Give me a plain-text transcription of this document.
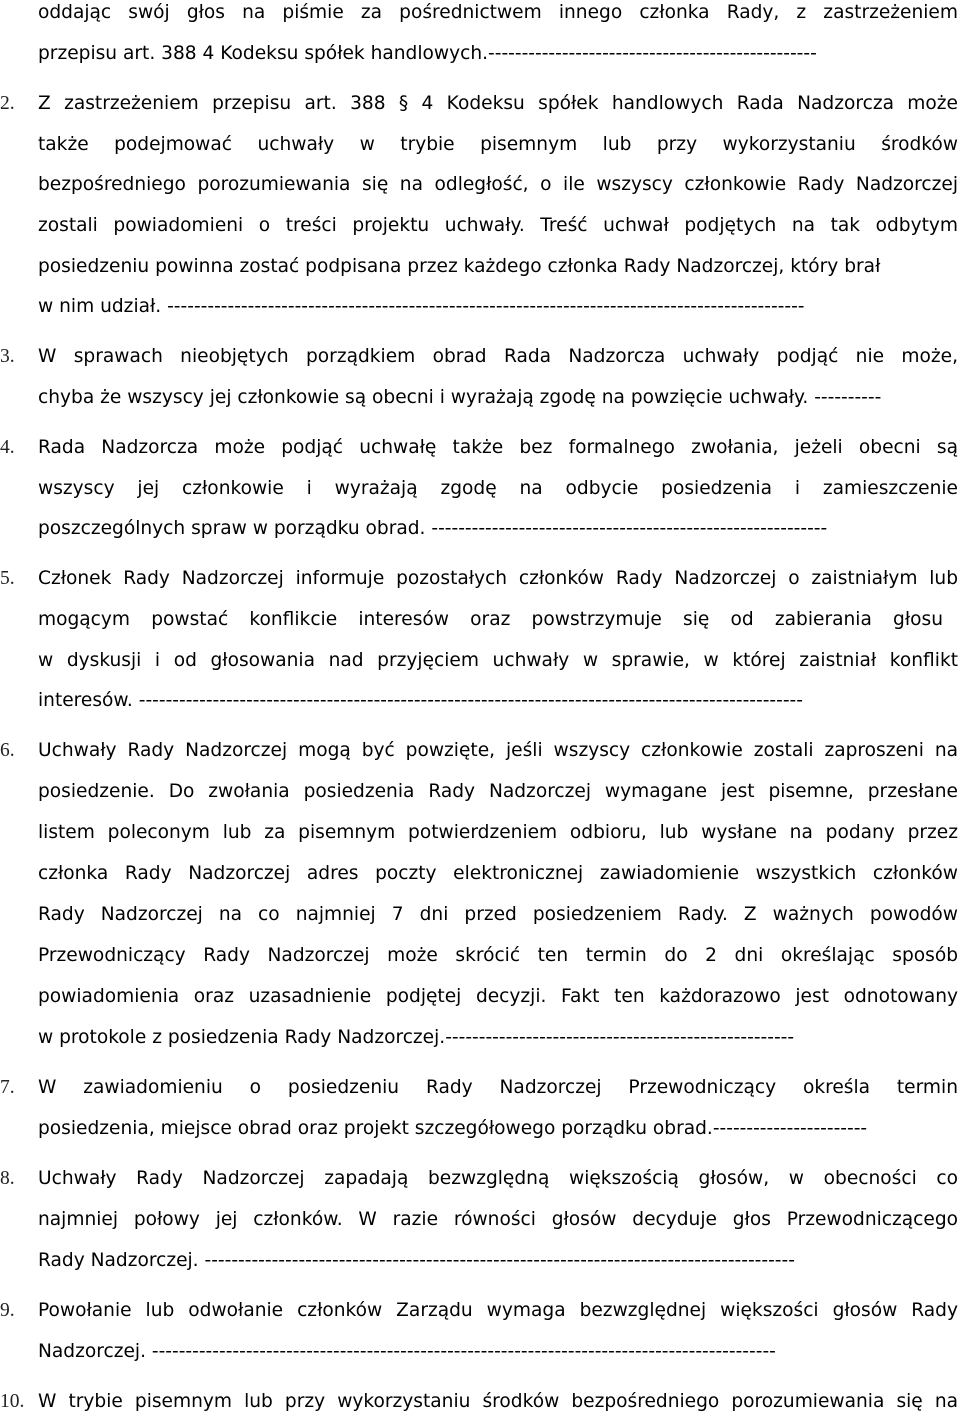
oddając swój głos na piśmie za pośrednictwem innego członka Rady, z zastrzeżeniem
przepisu art. 388 4 Kodeksu spółek handlowych.-------------------------------------------------
2.	Z zastrzeżeniem przepisu art. 388 § 4 Kodeksu spółek handlowych Rada Nadzorcza może
także podejmować uchwały w trybie pisemnym lub przy wykorzystaniu środków
bezpośredniego porozumiewania się na odległość, o ile wszyscy członkowie Rady Nadzorczej
zostali powiadomieni o treści projektu uchwały. Treść uchwał podjętych na tak odbytym
posiedzeniu powinna zostać podpisana przez każdego członka Rady Nadzorczej, który brał
w nim udział. -----------------------------------------------------------------------------------------------
3.	W sprawach nieobjętych porządkiem obrad Rada Nadzorcza uchwały podjąć nie może,
chyba że wszyscy jej członkowie są obecni i wyrażają zgodę na powzięcie uchwały. ----------
4.	Rada Nadzorcza może podjąć uchwałę także bez formalnego zwołania, jeżeli obecni są
wszyscy jej członkowie i wyrażają zgodę na odbycie posiedzenia i zamieszczenie
poszczególnych spraw w porządku obrad. -----------------------------------------------------------
5.	Członek Rady Nadzorczej informuje pozostałych członków Rady Nadzorczej o zaistniałym lub
mogącym powstać konflikcie interesów oraz powstrzymuje się od zabierania głosu
w dyskusji i od głosowania nad przyjęciem uchwały w sprawie, w której zaistniał konflikt
interesów. ---------------------------------------------------------------------------------------------------
6.	Uchwały Rady Nadzorczej mogą być powzięte, jeśli wszyscy członkowie zostali zaproszeni na
posiedzenie. Do zwołania posiedzenia Rady Nadzorczej wymagane jest pisemne, przesłane
listem poleconym lub za pisemnym potwierdzeniem odbioru, lub wysłane na podany przez
członka Rady Nadzorczej adres poczty elektronicznej zawiadomienie wszystkich członków
Rady Nadzorczej na co najmniej 7 dni przed posiedzeniem Rady. Z ważnych powodów
Przewodniczący Rady Nadzorczej może skrócić ten termin do 2 dni określając sposób
powiadomienia oraz uzasadnienie podjętej decyzji. Fakt ten każdorazowo jest odnotowany
w protokole z posiedzenia Rady Nadzorczej.----------------------------------------------------
7.	W zawiadomieniu o posiedzeniu Rady Nadzorczej Przewodniczący określa termin
posiedzenia, miejsce obrad oraz projekt szczegółowego porządku obrad.-----------------------
8.	Uchwały Rady Nadzorczej zapadają bezwzględną większością głosów, w obecności co
najmniej połowy jej członków. W razie równości głosów decyduje głos Przewodniczącego
Rady Nadzorczej. ----------------------------------------------------------------------------------------
9.	Powołanie lub odwołanie członków Zarządu wymaga bezwzględnej większości głosów Rady
Nadzorczej. ---------------------------------------------------------------------------------------------
10. W trybie pisemnym lub przy wykorzystaniu środków bezpośredniego porozumiewania się na
